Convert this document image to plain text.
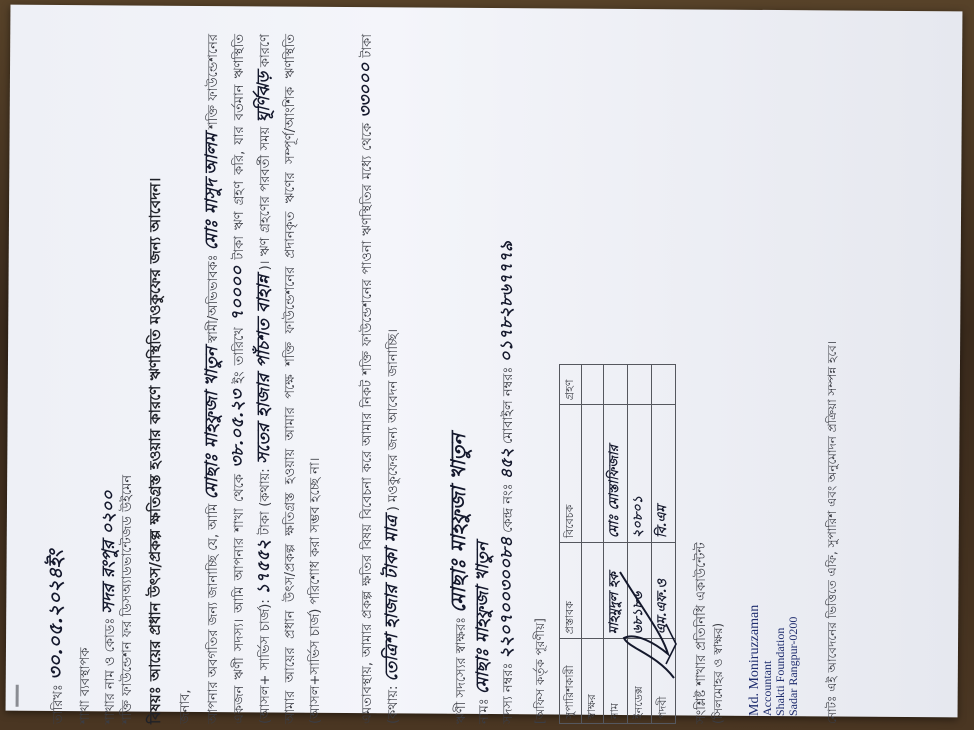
তারিখঃ ৩০.০৫.২০২৪ইং
শাখা ব্যবস্থাপক শাখার নাম ও কোডঃ সদর রংপুর ০২০০ শক্তি ফাউন্ডেশন ফর ডিসঅ্যাডভান্টেজড উইমেন বিষয়ঃ আয়ের প্রধান উৎস/প্রকল্প ক্ষতিগ্রস্ত হওয়ার কারণে ঋণস্থিতি মওকুফের জন্য আবেদন।	জনাব,	আপনার অবগতির জন্য জানাচ্ছি যে, আমি মোছাঃ মাহফুজা খাতুন স্বামী/অভিভাবকঃ মোঃ মাসুদ আলম শক্তি ফাউন্ডেশনের একজন ঋণী সদস্য। আমি আপনার শাখা থেকে ৩৮.০৫.২৩ ইং তারিখে ৭০০০০ টাকা ঋণ গ্রহণ করি, যার বর্তমান ঋণস্থিতি (আসল+ সার্ভিস চার্জ): ১৭৫৫২ টাকা (কথায়: সতের হাজার পাঁচশত বাহান্ন )। ঋণ গ্রহণের পরবর্তী সময় ঘূর্ণিঝড় কারণে আমার আয়ের প্রধান উৎস/প্রকল্প ক্ষতিগ্রস্ত হওয়ায় আমার পক্ষে শক্তি ফাউন্ডেশনের প্রদানকৃত ঋণের সম্পূর্ণ/আংশিক ঋণস্থিতি (আসল+সার্ভিস চার্জ) পরিশোধ করা সম্ভব হচ্ছে না।	এমতাবস্থায়, আমার প্রকল্প ক্ষতির বিষয় বিবেচনা করে আমার নিকট শক্তি ফাউন্ডেশনের পাওনা ঋণস্থিতির মধ্যে থেকে ৩৩০০০ টাকা (কথায়: তেত্রিশ হাজার টাকা মাত্র ) মওকুফের জন্য আবেদন জানাচ্ছি।
ঋণী সদস্যের স্বাক্ষরঃ মোছাঃ মাহফুজা খাতুন
নামঃ মোছাঃ মাহফুজা খাতুন সদস্য নম্বরঃ ২২০৭০০৩০০৮৪ কেন্দ্র নংঃ ৪৫২ মোবাইল নম্বরঃ ০১৭৮২৮৬৭৭৭৯
[অফিস কর্তৃক পূরণীয়]	সুপারিশকারী	প্রস্তাবক	বিবেচক	গ্রহণ
স্বাক্ষর			
নাম	মাহমুদুল হক	মোঃ মোস্তাফিজার	
ইনডেক্স	৬৮১৮৬	২০৮০১	
পদবী	এম.এফ.ও	বি.এম	
সংশ্লিষ্ট শাখার প্রতিনিধি একাউন্টেন্ট (সিলমোহর ও স্বাক্ষর)	Md. Moniruzzaman
Accountant Shakti Foundation Sadar Rangpur-0200 নোটঃ এই আবেদনের ভিত্তিতে এফি, সুপারিশ এবং অনুমোদন প্রক্রিয়া সম্পন্ন হবে।
